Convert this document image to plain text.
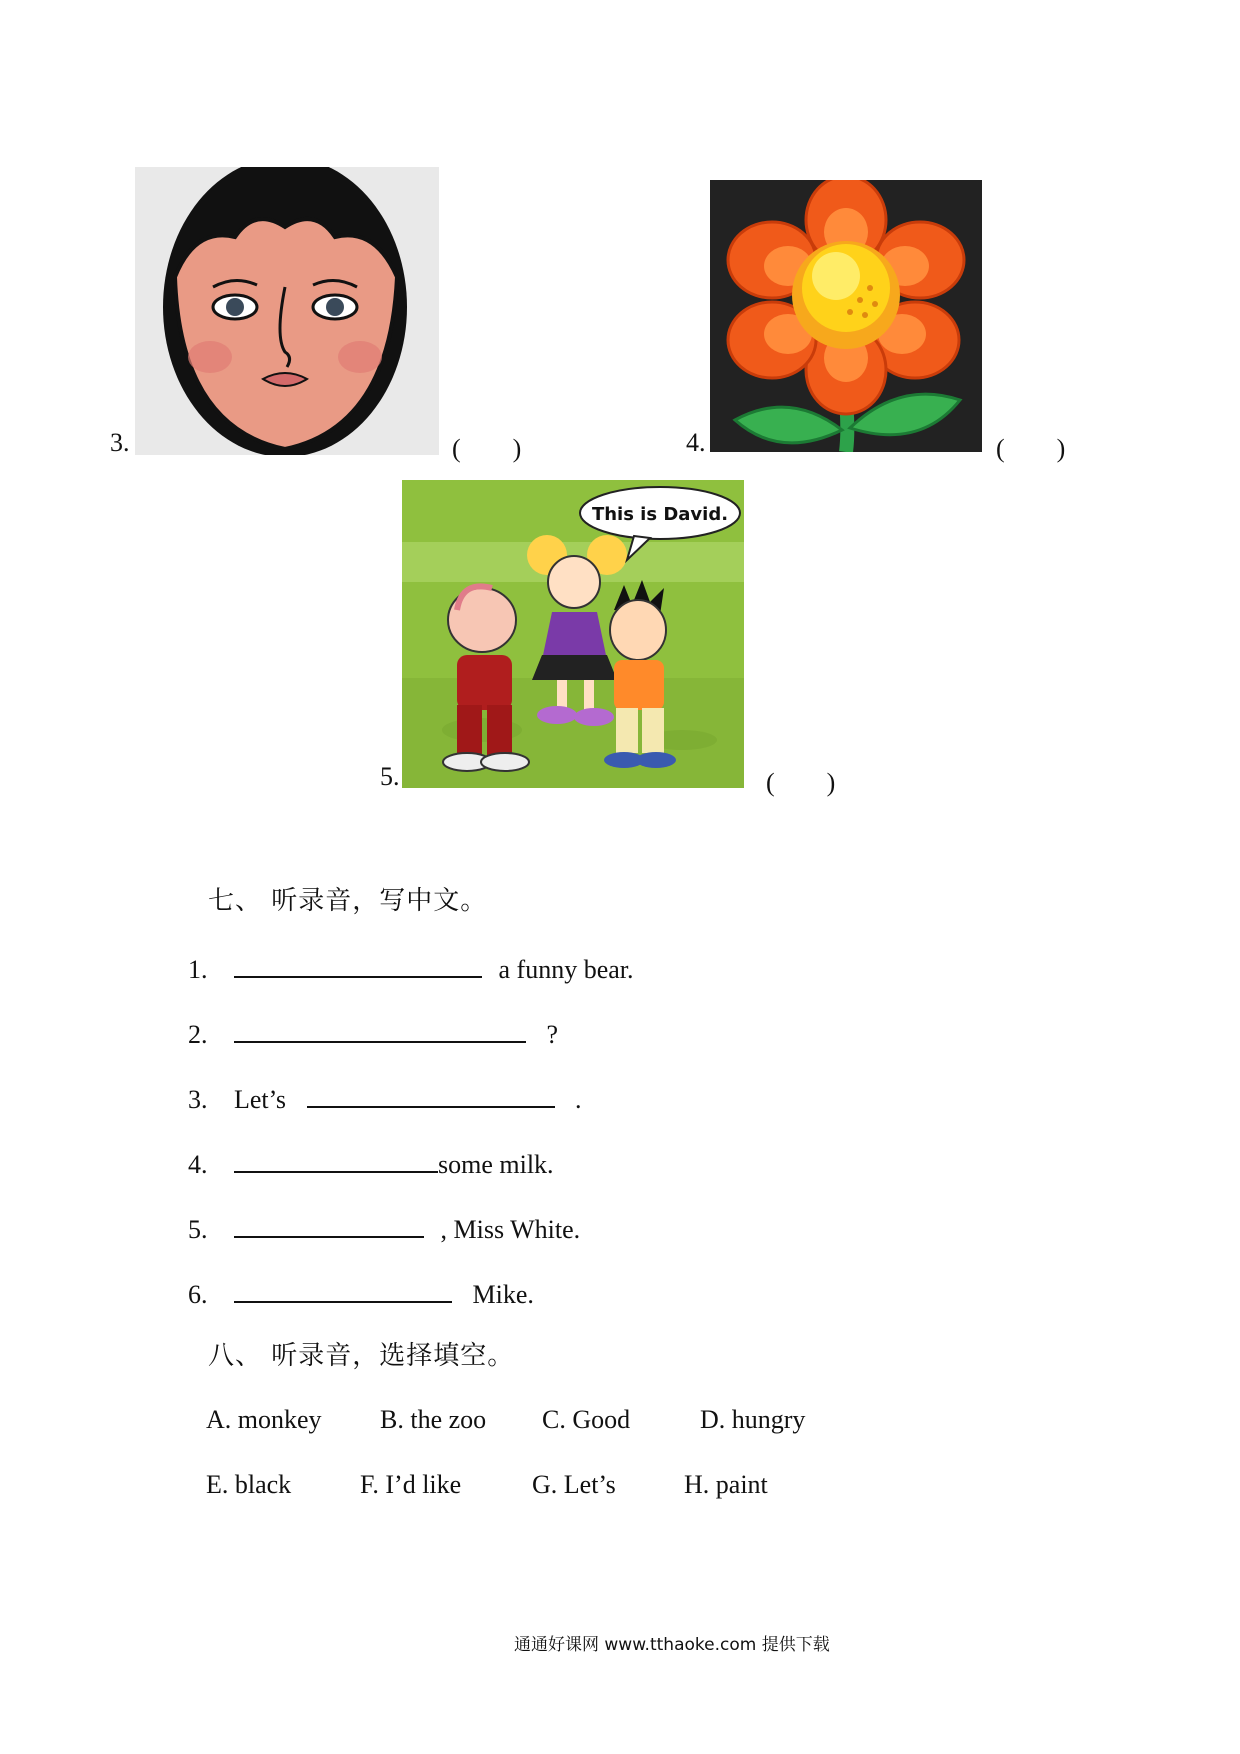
3.	(　　)	4.	(　　)
5.
This is David.
(　　)
七、 听录音，写中文。
1.	a funny bear.
2.	?
3. Let’s	.
4.	some milk.
5.	, Miss White.
6.	Mike.
八、 听录音，选择填空。
A. monkey B. the zoo C. Good	D. hungry
E. black	F. I’d like	G. Let’s	H. paint
通通好课网 www.tthaoke.com 提供下载
